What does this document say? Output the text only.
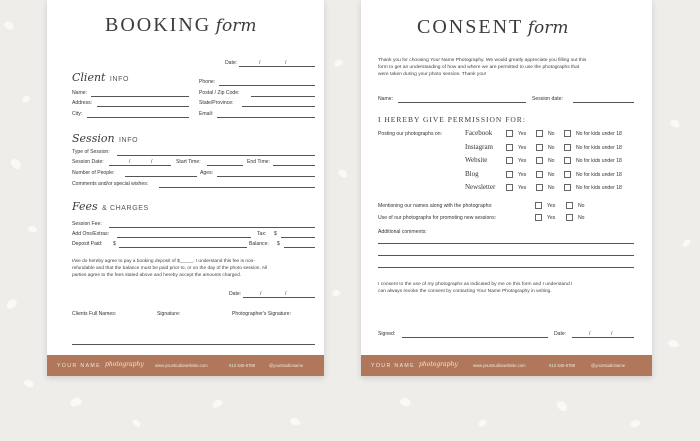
BOOKING form
Date:	/	/
Client INFO
Name:
Address:
City:
Phone:
Postal / Zip Code:
State/Province:
Email:
Session INFO
Type of Session:
Session Date:	/	/	Start Time:	End Time:
Number of People:	Ages:
Comments and/or special wishes:
Fees & CHARGES
Session Fee:
Add Ons/Extras:	Tax: $
Deposit Paid: $	Balance: $
I/we do hereby agree to pay a booking deposit of $_____. I understand this fee is non-
refundable and that the balance must be paid prior to, or on the day of the photo session. All
parties agree to the fees stated above and hereby accept the amounts charged.
Date:	/	/
Clients Full Names:	Signature:	Photographer's Signature:
YOUR NAME photography	www.yourstudiowebsite.com	012-345-6789	@yourstudioname
CONSENT form
Thank you for choosing Your Name Photography. We would greatly appreciate you filling out this
form to get an understanding of how and where we are permitted to use the photographs that
were taken during your photo session. Thank you!
Name:	Session date:
I HEREBY GIVE PERMISSION FOR:
Posting our photographs on:	Facebook	Yes	No	No for kids under 18
Instagram	Yes	No	No for kids under 18
Website	Yes	No	No for kids under 18
Blog	Yes	No	No for kids under 18
Newsletter	Yes	No	No for kids under 18
Mentioning our names along with the photographs:	Yes	No
Use of our photographs for promoting new sessions:	Yes	No
Additional comments:
I consent to the use of my photographs as indicated by me on this form and I understand I
can always revoke the consent by contacting Your Name Photography in writing.
Signed:	Date:	/	/
YOUR NAME photography	www.yourstudiowebsite.com	012-345-6789	@yourstudioname
